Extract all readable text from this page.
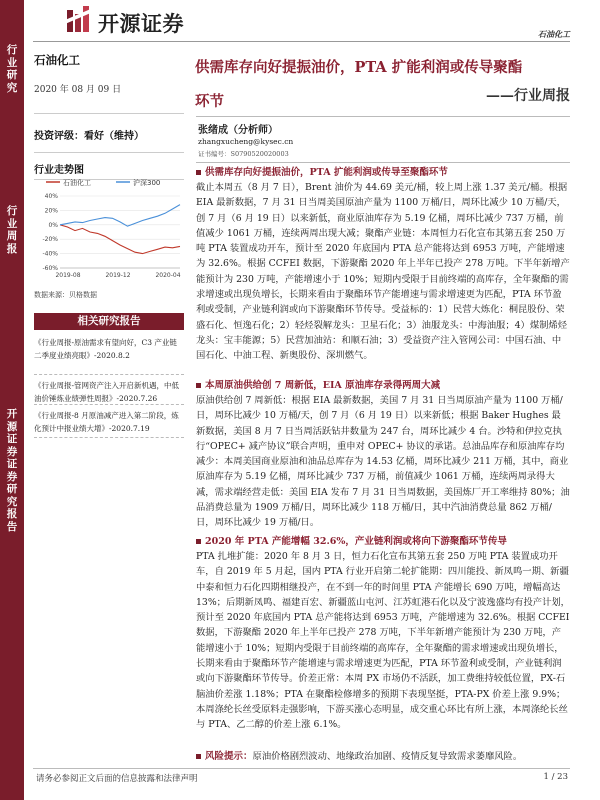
行业研究
行业周报
开源证券 证券研究报告
开源证券	石油化工
石油化工
2020 年 08 月 09 日
投资评级：看好（维持）
行业走势图
40%
20%
0%
-20%
-40%
-60%
2019-08	2019-12	2020-04
石油化工	沪深300
数据来源：贝格数据
相关研究报告
《行业周报-原油需求有望向好，C3 产业链二季度业绩亮眼》-2020.8.2
《行业周报-管网资产注入开启新机遇，中低油价锤炼业绩弹性周报》-2020.7.26
《行业周报-8 月原油减产进入第二阶段，炼化预计中报业绩大增》-2020.7.19
供需库存向好提振油价，PTA 扩能利润或传导聚酯
环节	——行业周报
张绪成（分析师）
zhangxucheng@kysec.cn
证书编号：S0790520020003
供需库存向好提振油价，PTA 扩能利润或传导至聚酯环节
截止本周五（8 月 7 日），Brent 油价为 44.69 美元/桶，较上周上涨 1.37 美元/桶。根据 EIA 最新数据，7 月 31 日当周美国原油产量为 1100 万桶/日，周环比减少 10 万桶/天，创 7 月（6 月 19 日）以来新低，商业原油库存为 5.19 亿桶，周环比减少 737 万桶，前值减少 1061 万桶，连续两周出现大减；聚酯产业链：本周恒力石化宣布其第五套 250 万吨 PTA 装置成功开车，预计至 2020 年底国内 PTA 总产能将达到 6953 万吨，产能增速为 32.6%。根据 CCFEI 数据，下游聚酯 2020 年上半年已投产 278 万吨。下半年新增产能预计为 230 万吨，产能增速小于 10%；短期内受限于目前终端的高库存，全年聚酯的需求增速或出现负增长，长期来看由于聚酯环节产能增速与需求增速更为匹配，PTA 环节盈利或受制，产业链利润或向下游聚酯环节传导。受益标的：1）民营大炼化：桐昆股份、荣盛石化、恒逸石化；2）轻烃裂解龙头：卫星石化；3）油服龙头：中海油服；4）煤制烯烃龙头：宝丰能源；5）民营加油站：和顺石油；3）受益资产注入管网公司：中国石油、中国石化、中油工程、新奥股份、深圳燃气。
本周原油供给创 7 周新低，EIA 原油库存录得两周大减
原油供给创 7 周新低：根据 EIA 最新数据，美国 7 月 31 日当周原油产量为 1100 万桶/日，周环比减少 10 万桶/天，创 7 月（6 月 19 日）以来新低；根据 Baker Hughes 最新数据，美国 8 月 7 日当周活跃钻井数量为 247 台，周环比减少 4 台。沙特和伊拉克执行“OPEC+ 减产协议”联合声明，重申对 OPEC+ 协议的承诺。总油品库存和原油库存均减少：本周美国商业原油和油品总库存为 14.53 亿桶，周环比减少 211 万桶，其中，商业原油库存为 5.19 亿桶，周环比减少 737 万桶，前值减少 1061 万桶，连续两周录得大减，需求端经营走低：美国 EIA 发布 7 月 31 日当周数据，美国炼厂开工率维持 80%；油品消费总量为 1909 万桶/日，周环比减少 118 万桶/日，其中汽油消费总量 862 万桶/日，周环比减少 19 万桶/日。
2020 年 PTA 产能增幅 32.6%，产业链利润或将向下游聚酯环节传导
PTA 扎堆扩能：2020 年 8 月 3 日，恒力石化宣布其第五套 250 万吨 PTA 装置成功开车，自 2019 年 5 月起，国内 PTA 行业开启第二轮扩能期：四川能投、新凤鸣一期、新疆中泰和恒力石化四期相继投产，在不到一年的时间里 PTA 产能增长 690 万吨，增幅高达 13%；后期新凤鸣、福建百宏、新疆蓝山屯河、江苏虹港石化以及宁波逸盛均有投产计划，预计至 2020 年底国内 PTA 总产能将达到 6953 万吨，产能增速为 32.6%。根据 CCFEI 数据，下游聚酯 2020 年上半年已投产 278 万吨，下半年新增产能预计为 230 万吨，产能增速小于 10%；短期内受限于目前终端的高库存，全年聚酯的需求增速或出现负增长，长期来看由于聚酯环节产能增速与需求增速更为匹配，PTA 环节盈利或受制，产业链利润或向下游聚酯环节传导。价差正常：本周 PX 市场仍不活跃，加工费维持较低位置，PX-石脑油价差涨 1.18%；PTA 在聚酯检修增多的预期下表现坚挺，PTA-PX 价差上涨 9.9%；本周涤纶长丝受原料走强影响，下游买涨心态明显，成交重心环比有所上涨，本周涤纶长丝与 PTA、乙二醇的价差上涨 6.1%。
风险提示：原油价格剧烈波动、地缘政治加剧、疫情反复导致需求萎靡风险。
请务必参阅正文后面的信息披露和法律声明	1 / 23
